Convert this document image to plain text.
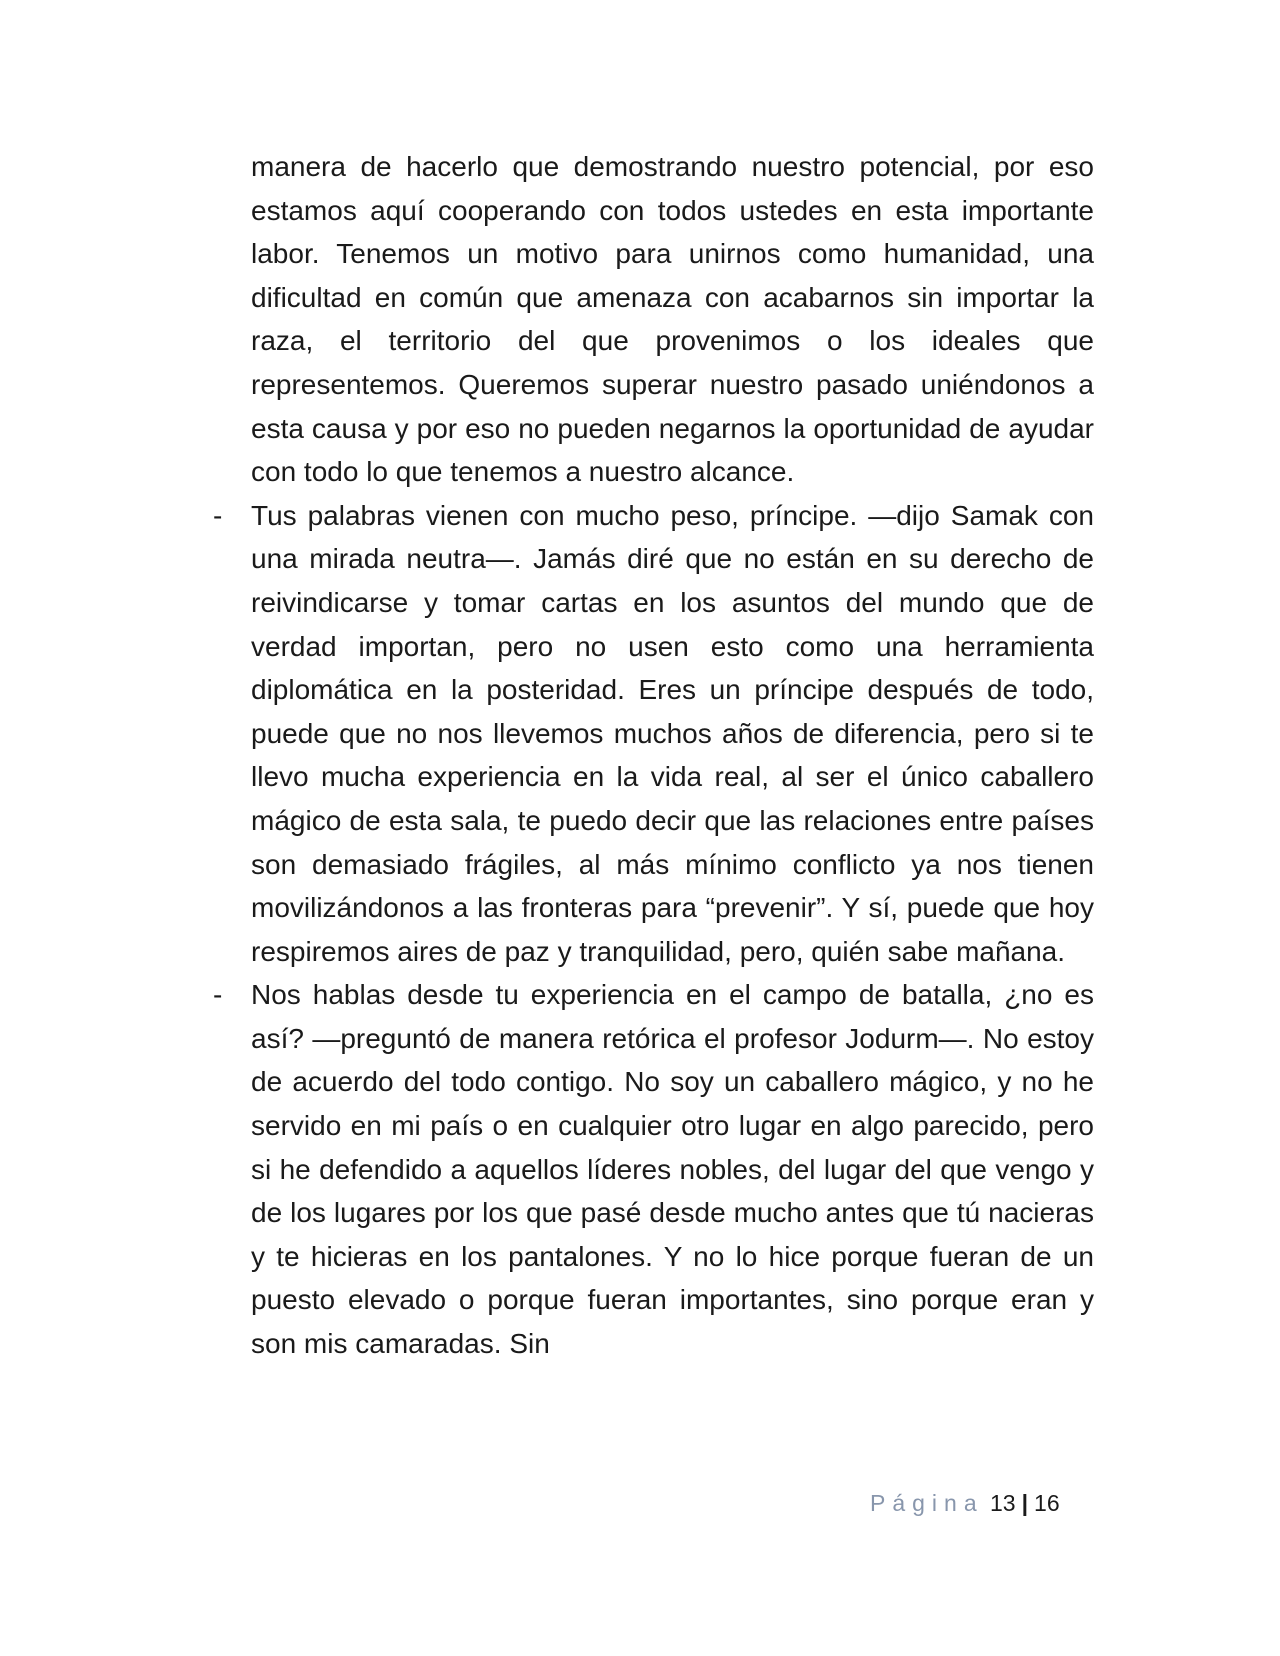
manera de hacerlo que demostrando nuestro potencial, por eso estamos aquí cooperando con todos ustedes en esta importante labor. Tenemos un motivo para unirnos como humanidad, una dificultad en común que amenaza con acabarnos sin importar la raza, el territorio del que provenimos o los ideales que representemos. Queremos superar nuestro pasado uniéndonos a esta causa y por eso no pueden negarnos la oportunidad de ayudar con todo lo que tenemos a nuestro alcance.

- Tus palabras vienen con mucho peso, príncipe. —dijo Samak con una mirada neutra—. Jamás diré que no están en su derecho de reivindicarse y tomar cartas en los asuntos del mundo que de verdad importan, pero no usen esto como una herramienta diplomática en la posteridad. Eres un príncipe después de todo, puede que no nos llevemos muchos años de diferencia, pero si te llevo mucha experiencia en la vida real, al ser el único caballero mágico de esta sala, te puedo decir que las relaciones entre países son demasiado frágiles, al más mínimo conflicto ya nos tienen movilizándonos a las fronteras para “prevenir”. Y sí, puede que hoy respiremos aires de paz y tranquilidad, pero, quién sabe mañana.

- Nos hablas desde tu experiencia en el campo de batalla, ¿no es así? —preguntó de manera retórica el profesor Jodurm—. No estoy de acuerdo del todo contigo. No soy un caballero mágico, y no he servido en mi país o en cualquier otro lugar en algo parecido, pero si he defendido a aquellos líderes nobles, del lugar del que vengo y de los lugares por los que pasé desde mucho antes que tú nacieras y te hicieras en los pantalones. Y no lo hice porque fueran de un puesto elevado o porque fueran importantes, sino porque eran y son mis camaradas. Sin

Página 13 | 16
